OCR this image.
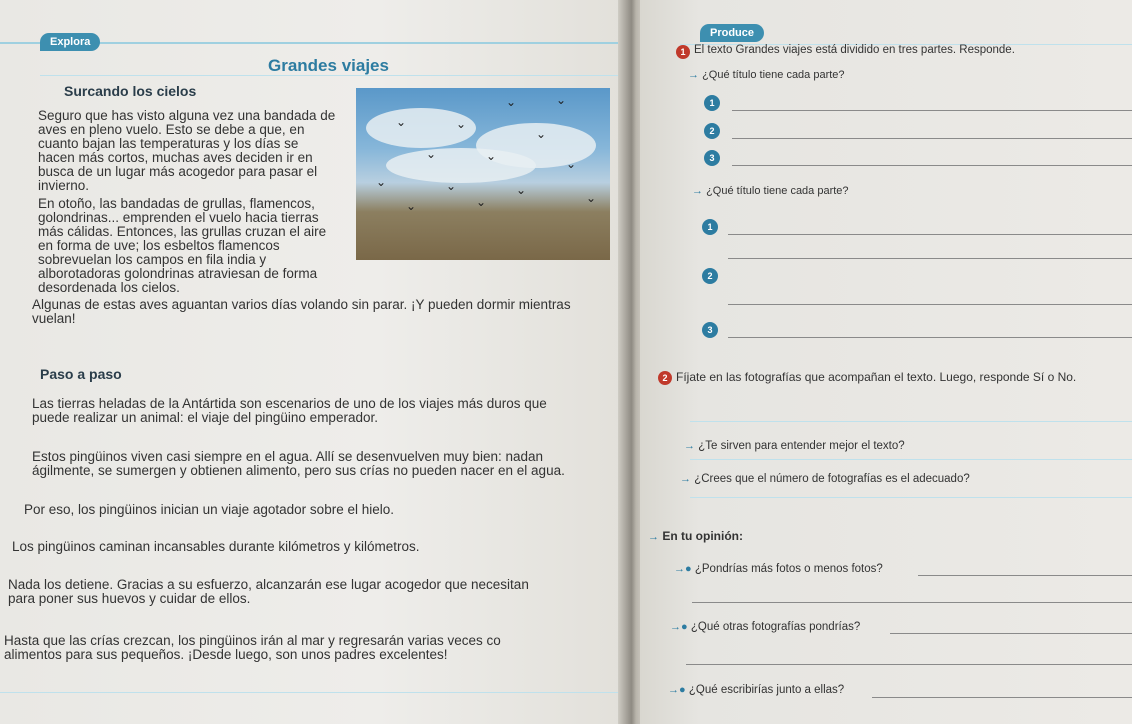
Explora
Grandes viajes
Surcando los cielos
Seguro que has visto alguna vez una bandada de
aves en pleno vuelo. Esto se debe a que, en
cuanto bajan las temperaturas y los días se
hacen más cortos, muchas aves deciden ir en
busca de un lugar más acogedor para pasar el
invierno.
⌄	⌄
⌄	⌄
⌄
⌄	⌄
⌄
⌄	⌄	⌄
⌄	⌄	⌄
En otoño, las bandadas de grullas, flamencos,
golondrinas... emprenden el vuelo hacia tierras
más cálidas. Entonces, las grullas cruzan el aire
en forma de uve; los esbeltos flamencos
sobrevuelan los campos en fila india y
alborotadoras golondrinas atraviesan de forma
desordenada los cielos.
Algunas de estas aves aguantan varios días volando sin parar. ¡Y pueden dormir mientras
vuelan!
Paso a paso
Las tierras heladas de la Antártida son escenarios de uno de los viajes más duros que
puede realizar un animal: el viaje del pingüino emperador.
Estos pingüinos viven casi siempre en el agua. Allí se desenvuelven muy bien: nadan
ágilmente, se sumergen y obtienen alimento, pero sus crías no pueden nacer en el agua.
Por eso, los pingüinos inician un viaje agotador sobre el hielo.
Los pingüinos caminan incansables durante kilómetros y kilómetros.
Nada los detiene. Gracias a su esfuerzo, alcanzarán ese lugar acogedor que necesitan
para poner sus huevos y cuidar de ellos.
Hasta que las crías crezcan, los pingüinos irán al mar y regresarán varias veces co
alimentos para sus pequeños. ¡Desde luego, son unos padres excelentes!
Produce
1 El texto Grandes viajes está dividido en tres partes. Responde.
→ ¿Qué título tiene cada parte?
1
2
3
→ ¿Qué título tiene cada parte?
1
2
3
2 Fíjate en las fotografías que acompañan el texto. Luego, responde Sí o No.
→ ¿Te sirven para entender mejor el texto?
→ ¿Crees que el número de fotografías es el adecuado?
→ En tu opinión:
→● ¿Pondrías más fotos o menos fotos?
→● ¿Qué otras fotografías pondrías?
→● ¿Qué escribirías junto a ellas?
